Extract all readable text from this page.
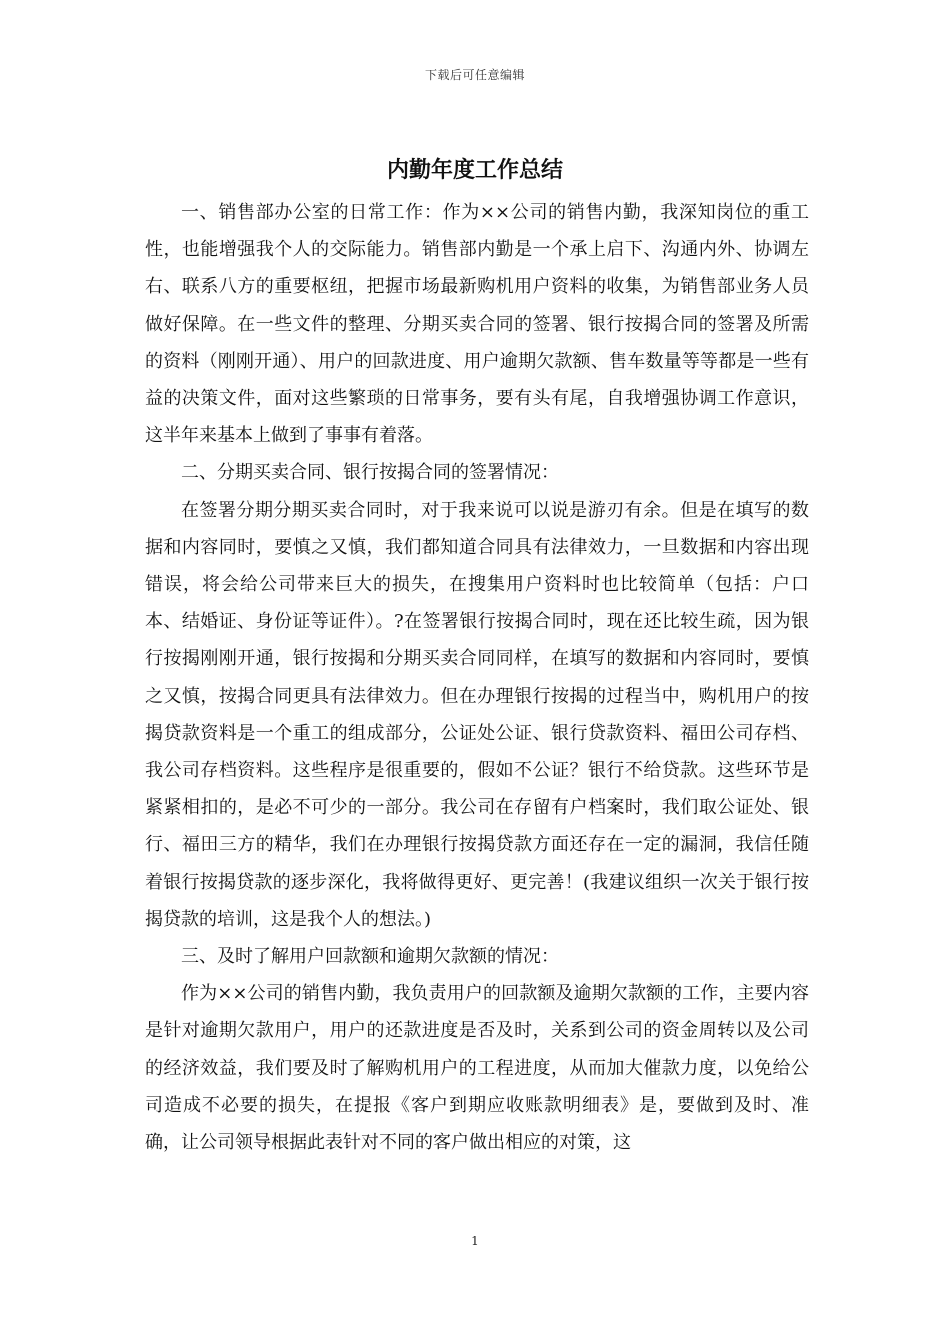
下载后可任意编辑
内勤年度工作总结

一、销售部办公室的日常工作：作为××公司的销售内勤，我深知岗位的重工性，也能增强我个人的交际能力。销售部内勤是一个承上启下、沟通内外、协调左右、联系八方的重要枢纽，把握市场最新购机用户资料的收集，为销售部业务人员做好保障。在一些文件的整理、分期买卖合同的签署、银行按揭合同的签署及所需的资料（刚刚开通）、用户的回款进度、用户逾期欠款额、售车数量等等都是一些有益的决策文件，面对这些繁琐的日常事务，要有头有尾，自我增强协调工作意识，这半年来基本上做到了事事有着落。

二、分期买卖合同、银行按揭合同的签署情况：

在签署分期分期买卖合同时，对于我来说可以说是游刃有余。但是在填写的数据和内容同时，要慎之又慎，我们都知道合同具有法律效力，一旦数据和内容出现错误，将会给公司带来巨大的损失，在搜集用户资料时也比较简单（包括：户口本、结婚证、身份证等证件）。?在签署银行按揭合同时，现在还比较生疏，因为银行按揭刚刚开通，银行按揭和分期买卖合同同样，在填写的数据和内容同时，要慎之又慎，按揭合同更具有法律效力。但在办理银行按揭的过程当中，购机用户的按揭贷款资料是一个重工的组成部分，公证处公证、银行贷款资料、福田公司存档、我公司存档资料。这些程序是很重要的，假如不公证？银行不给贷款。这些环节是紧紧相扣的，是必不可少的一部分。我公司在存留有户档案时，我们取公证处、银行、福田三方的精华，我们在办理银行按揭贷款方面还存在一定的漏洞，我信任随着银行按揭贷款的逐步深化，我将做得更好、更完善！(我建议组织一次关于银行按揭贷款的培训，这是我个人的想法。)

三、及时了解用户回款额和逾期欠款额的情况：

作为××公司的销售内勤，我负责用户的回款额及逾期欠款额的工作，主要内容是针对逾期欠款用户，用户的还款进度是否及时，关系到公司的资金周转以及公司的经济效益，我们要及时了解购机用户的工程进度，从而加大催款力度，以免给公司造成不必要的损失，在提报《客户到期应收账款明细表》是，要做到及时、准确，让公司领导根据此表针对不同的客户做出相应的对策，这

1
